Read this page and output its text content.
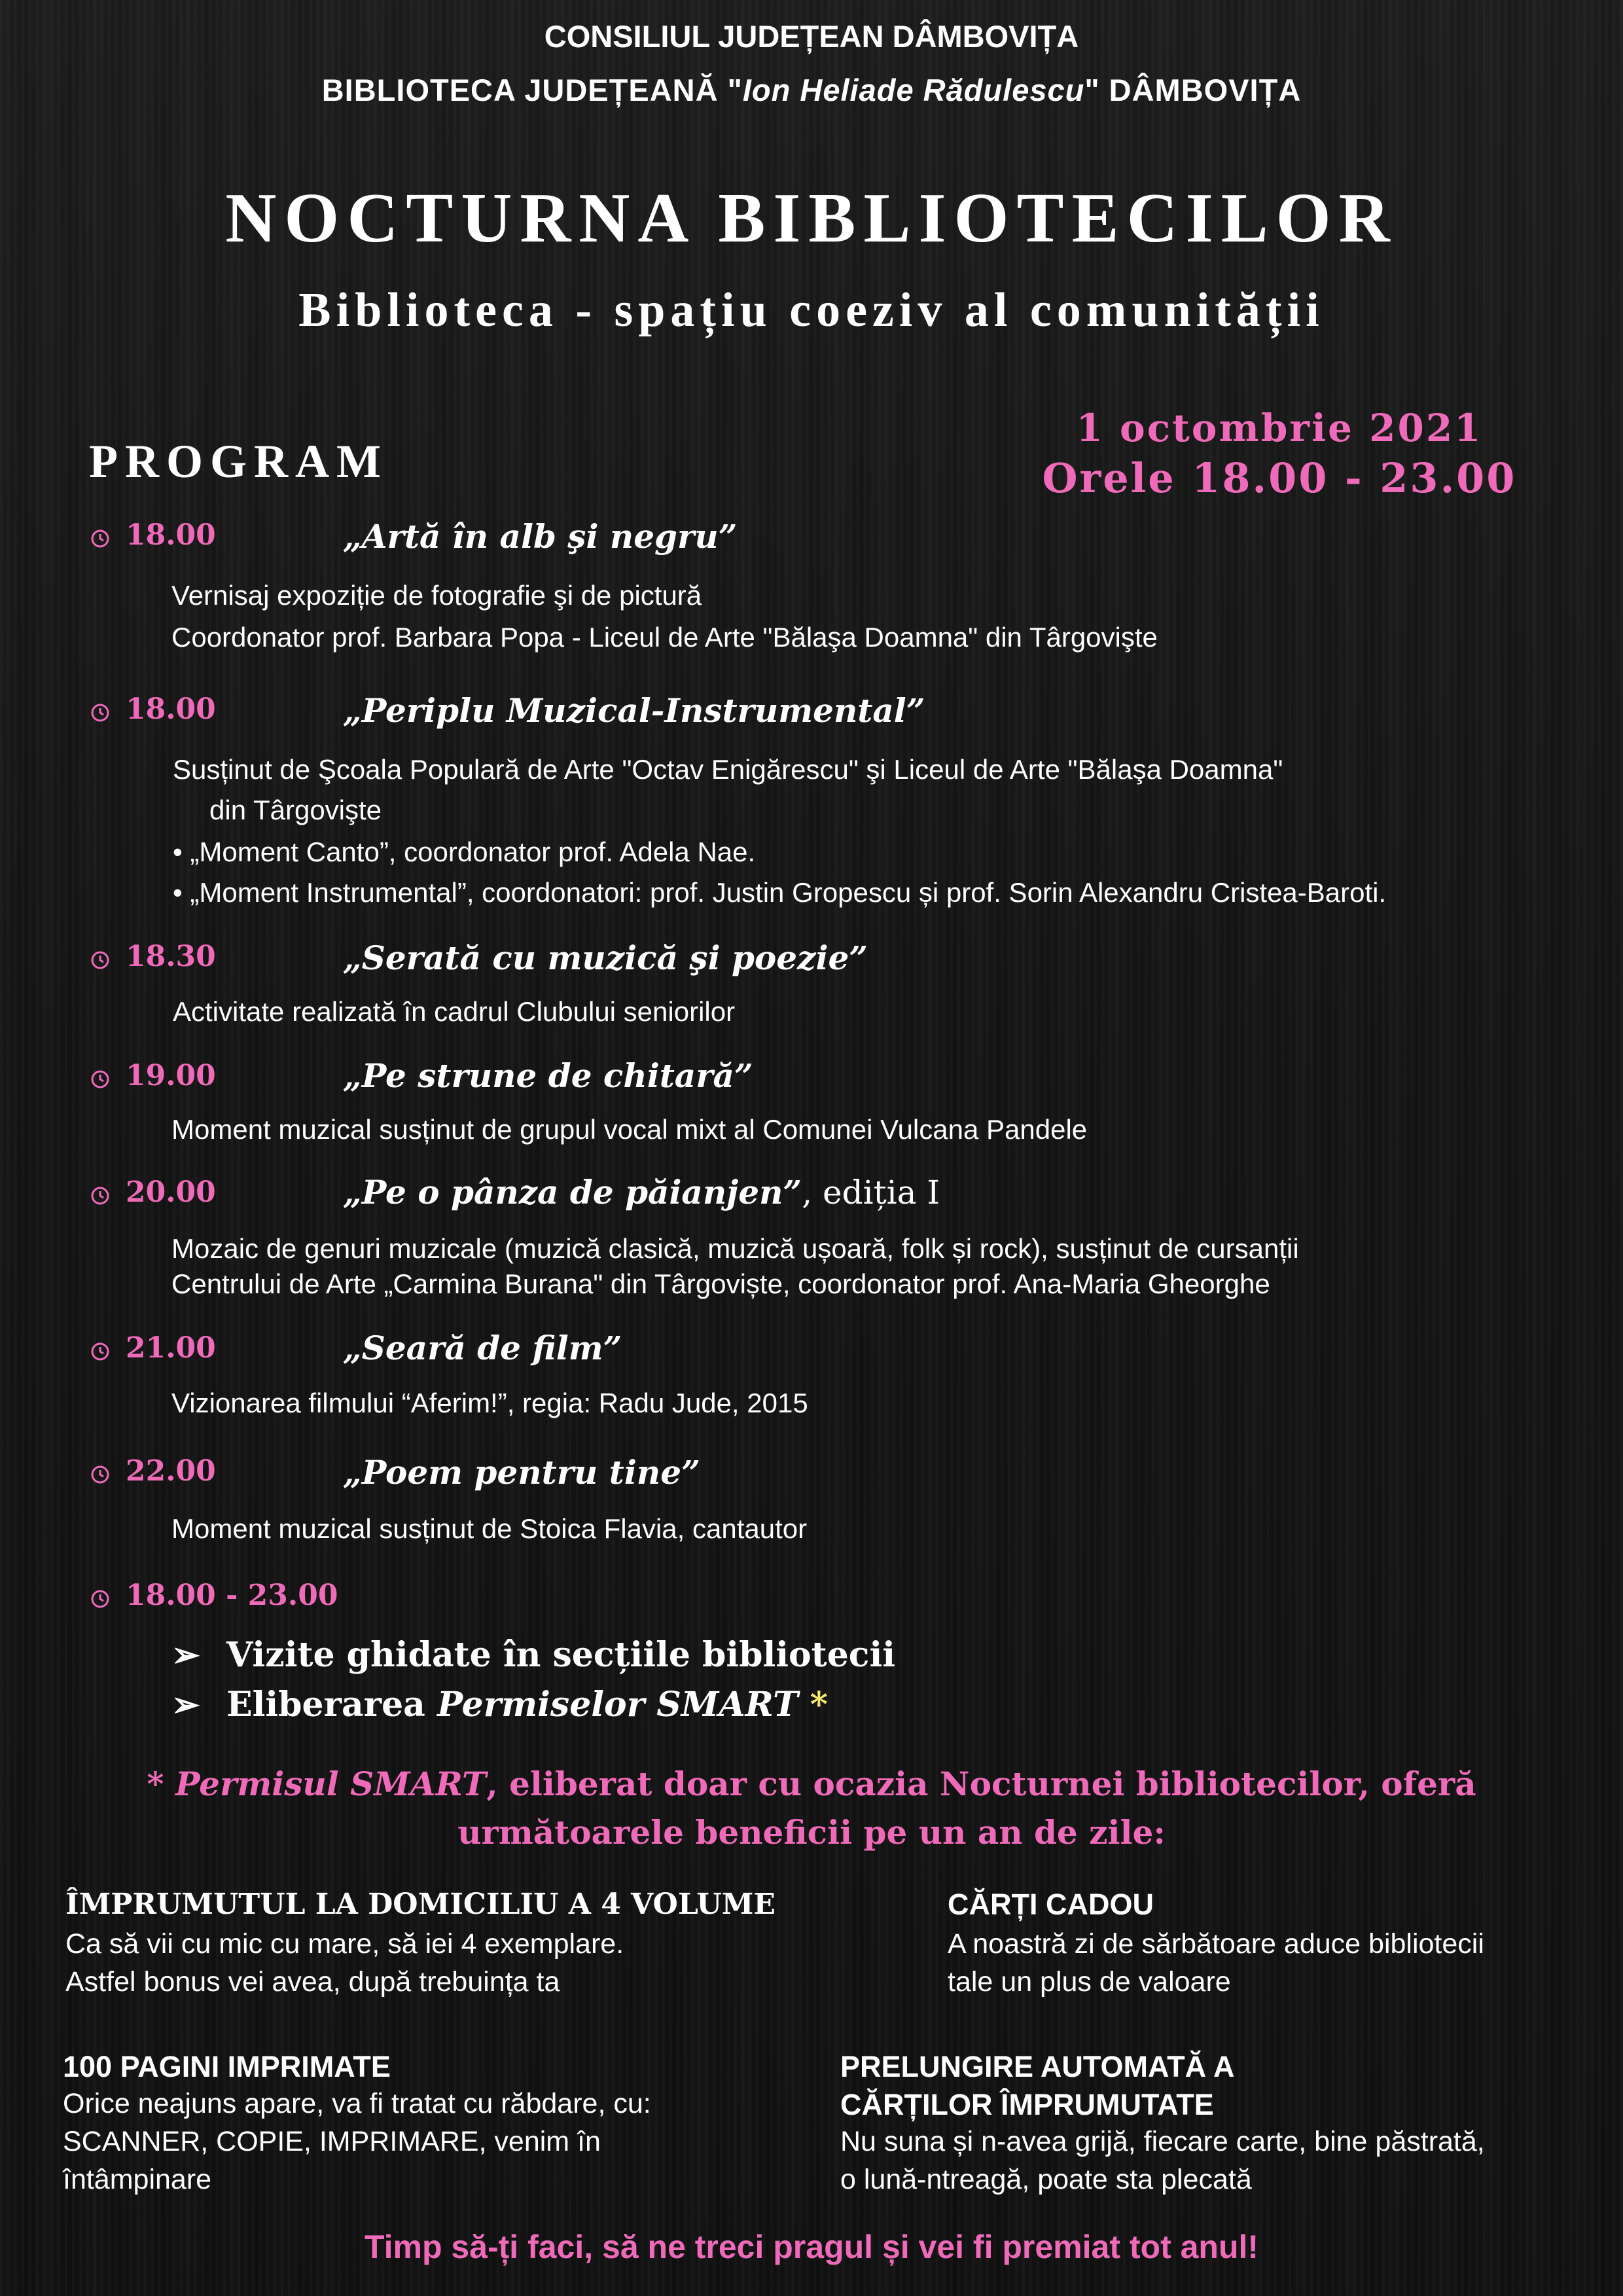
CONSILIUL JUDEȚEAN DÂMBOVIȚA
BIBLIOTECA JUDEȚEANĂ "Ion Heliade Rădulescu" DÂMBOVIȚA
NOCTURNA BIBLIOTECILOR
Biblioteca - spațiu coeziv al comunității
PROGRAM
1 octombrie 2021
Orele 18.00 - 23.00
18.00	„Artă în alb şi negru”
Vernisaj expoziție de fotografie şi de pictură
Coordonator prof. Barbara Popa - Liceul de Arte "Bălaşa Doamna" din Târgovişte
18.00	„Periplu Muzical-Instrumental”
Susținut de Şcoala Populară de Arte "Octav Enigărescu" şi Liceul de Arte "Bălaşa Doamna"
din Târgovişte
• „Moment Canto”, coordonator prof. Adela Nae.
• „Moment Instrumental”, coordonatori: prof. Justin Gropescu și prof. Sorin Alexandru Cristea-Baroti.
18.30	„Serată cu muzică şi poezie”
Activitate realizată în cadrul Clubului seniorilor
19.00	„Pe strune de chitară”
Moment muzical susținut de grupul vocal mixt al Comunei Vulcana Pandele
20.00	„Pe o pânza de păianjen”, ediția I
Mozaic de genuri muzicale (muzică clasică, muzică ușoară, folk și rock), susținut de cursanții
Centrului de Arte „Carmina Burana" din Târgoviște, coordonator prof. Ana-Maria Gheorghe
21.00	„Seară de film”
Vizionarea filmului “Aferim!”, regia: Radu Jude, 2015
22.00	„Poem pentru tine”
Moment muzical susținut de Stoica Flavia, cantautor
18.00 - 23.00
➢ Vizite ghidate în secțiile bibliotecii
➢ Eliberarea Permiselor SMART *
* Permisul SMART, eliberat doar cu ocazia Nocturnei bibliotecilor, oferă
următoarele beneficii pe un an de zile:
ÎMPRUMUTUL LA DOMICILIU A 4 VOLUME
Ca să vii cu mic cu mare, să iei 4 exemplare.
Astfel bonus vei avea, după trebuința ta
CĂRȚI CADOU
A noastră zi de sărbătoare aduce bibliotecii
tale un plus de valoare
100 PAGINI IMPRIMATE
Orice neajuns apare, va fi tratat cu răbdare, cu:
SCANNER, COPIE, IMPRIMARE, venim în
întâmpinare
PRELUNGIRE AUTOMATĂ A
CĂRȚILOR ÎMPRUMUTATE
Nu suna și n-avea grijă, fiecare carte, bine păstrată,
o lună-ntreagă, poate sta plecată
Timp să-ți faci, să ne treci pragul și vei fi premiat tot anul!
